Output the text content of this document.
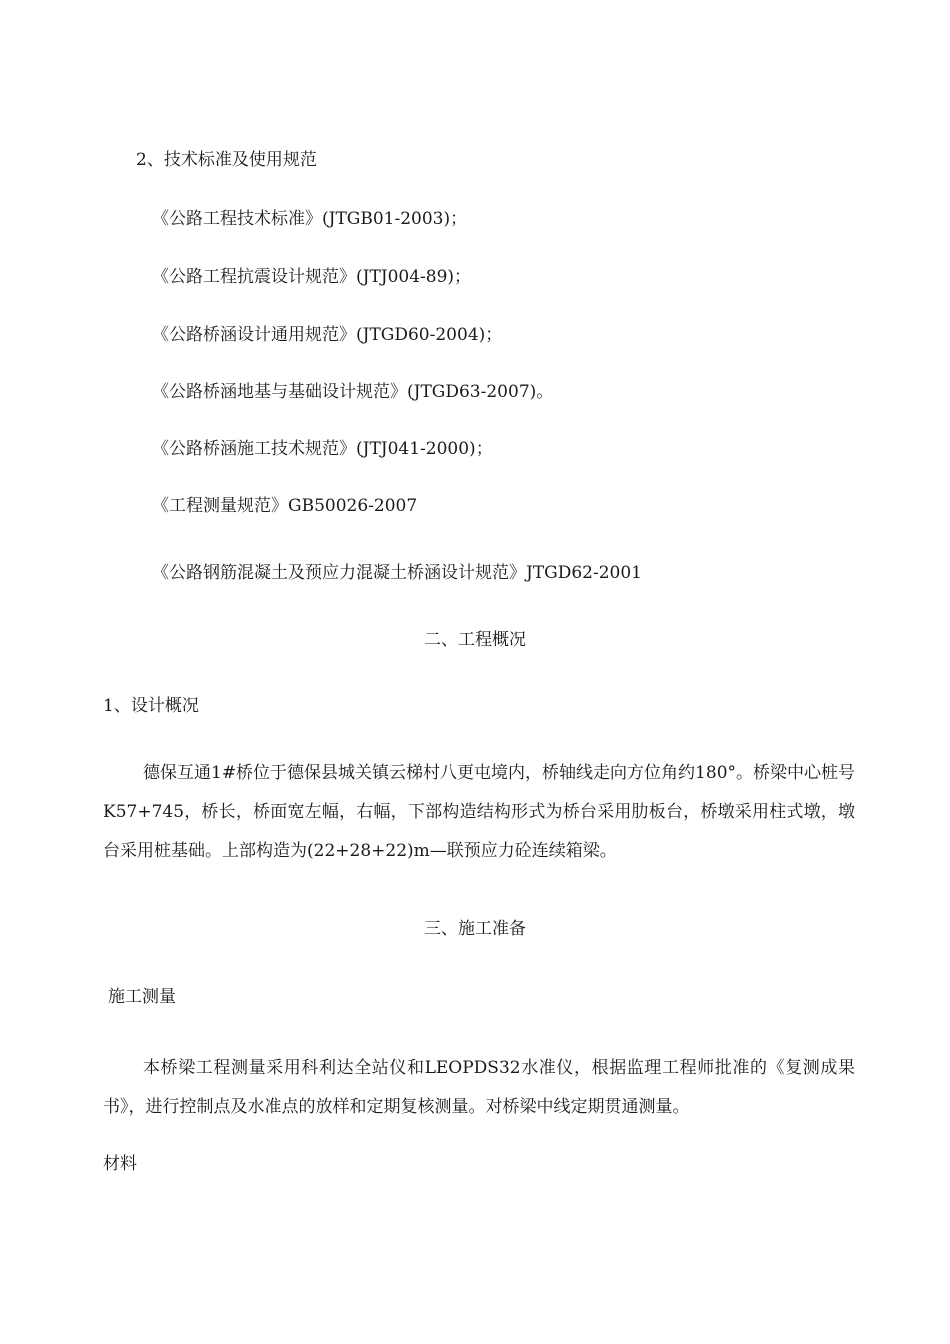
2、技术标准及使用规范
《公路工程技术标准》(JTGB01-2003)；
《公路工程抗震设计规范》(JTJ004-89)；
《公路桥涵设计通用规范》(JTGD60-2004)；
《公路桥涵地基与基础设计规范》(JTGD63-2007)。
《公路桥涵施工技术规范》(JTJ041-2000)；
《工程测量规范》GB50026-2007
《公路钢筋混凝土及预应力混凝土桥涵设计规范》JTGD62-2001
二、工程概况
1、设计概况
德保互通1#桥位于德保县城关镇云梯村八更屯境内，桥轴线走向方位角约180°。桥梁中心桩号K57+745，桥长，桥面宽左幅，右幅，下部构造结构形式为桥台采用肋板台，桥墩采用柱式墩，墩台采用桩基础。上部构造为(22+28+22)m—联预应力砼连续箱梁。
三、施工准备
施工测量
本桥梁工程测量采用科利达全站仪和LEOPDS32水准仪，根据监理工程师批准的《复测成果书》，进行控制点及水准点的放样和定期复核测量。对桥梁中线定期贯通测量。
材料
